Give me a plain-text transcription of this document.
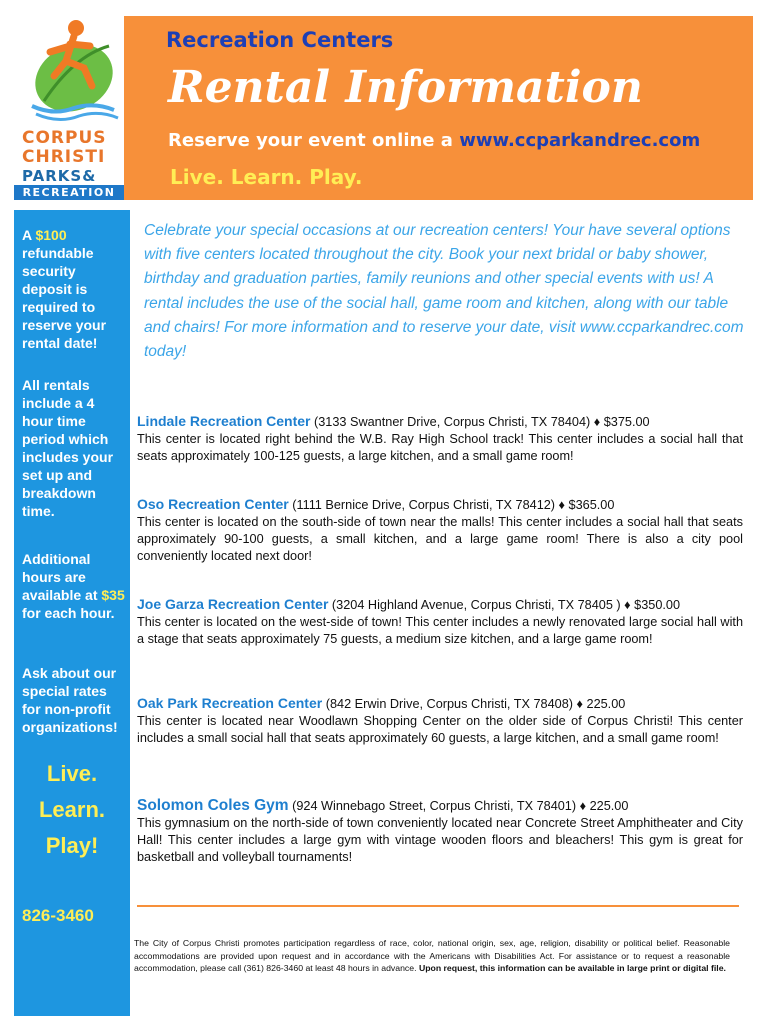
CORPUS
CHRISTI
PARKS&
RECREATION
Recreation Centers
Rental Information
Reserve your event online a www.ccparkandrec.com
Live. Learn. Play.
A $100 refundable security deposit is required to reserve your rental date!
All rentals include a 4 hour time period which includes your set up and breakdown time.
Additional hours are available at $35 for each hour.
Ask about our special rates for non-profit organizations!
Live.
Learn.
Play!
826-3460
Celebrate your special occasions at our recreation centers! Your have several options with five centers located throughout the city. Book your next bridal or baby shower, birthday and graduation parties, family reunions and other special events with us! A rental includes the use of the social hall, game room and kitchen, along with our table and chairs! For more information and to reserve your date, visit www.ccparkandrec.com today!
Lindale Recreation Center (3133 Swantner Drive, Corpus Christi, TX 78404) ♦ $375.00
This center is located right behind the W.B. Ray High School track! This center includes a social hall that seats approximately 100-125 guests, a large kitchen, and a small game room!
Oso Recreation Center (1111 Bernice Drive, Corpus Christi, TX 78412) ♦ $365.00
This center is located on the south-side of town near the malls! This center includes a social hall that seats approximately 90-100 guests, a small kitchen, and a large game room! There is also a city pool conveniently located next door!
Joe Garza Recreation Center (3204 Highland Avenue, Corpus Christi, TX 78405 ) ♦ $350.00
This center is located on the west-side of town! This center includes a newly renovated large social hall with a stage that seats approximately 75 guests, a medium size kitchen, and a large game room!
Oak Park Recreation Center (842 Erwin Drive, Corpus Christi, TX 78408) ♦ 225.00
This center is located near Woodlawn Shopping Center on the older side of Corpus Christi! This center includes a small social hall that seats approximately 60 guests, a large kitchen, and a small game room!
Solomon Coles Gym (924 Winnebago Street, Corpus Christi, TX 78401) ♦ 225.00
This gymnasium on the north-side of town conveniently located near Concrete Street Amphitheater and City Hall! This center includes a large gym with vintage wooden floors and bleachers! This gym is great for basketball and volleyball tournaments!
The City of Corpus Christi promotes participation regardless of race, color, national origin, sex, age, religion, disability or political belief. Reasonable accommodations are provided upon request and in accordance with the Americans with Disabilities Act. For assistance or to request a reasonable accommodation, please call (361) 826-3460 at least 48 hours in advance. Upon request, this information can be available in large print or digital file.
